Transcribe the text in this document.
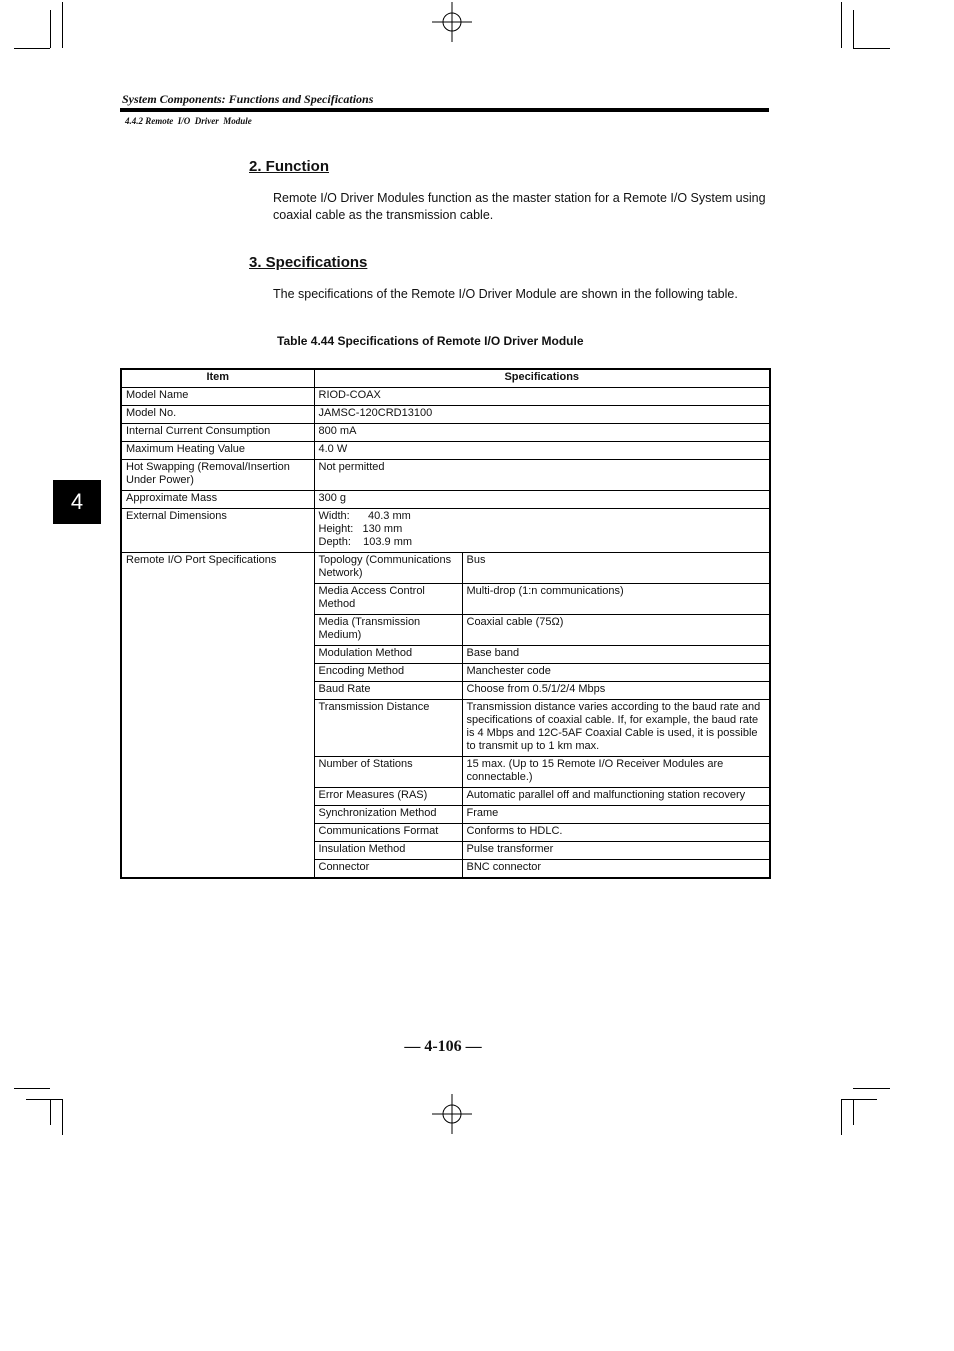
System Components: Functions and Specifications
4.4.2 Remote I/O Driver Module
4
2. Function
Remote I/O Driver Modules function as the master station for a Remote I/O System using
coaxial cable as the transmission cable.
3. Specifications
The specifications of the Remote I/O Driver Module are shown in the following table.
Table 4.44 Specifications of Remote I/O Driver Module
Item	Specifications	
Model Name	RIOD-COAX	
Model No.	JAMSC-120CRD13100	
Internal Current Consumption	800 mA	
Maximum Heating Value	4.0 W	
Hot Swapping (Removal/Insertion Under Power)	Not permitted	
Approximate Mass	300 g	
External Dimensions	Width:      40.3 mm
Height:   130 mm
Depth:    103.9 mm	

Remote I/O Port Specifications	Topology (Communications Network)	Bus
	Media Access Control Method	Multi-drop (1:n communications)
	Media (Transmission Medium)	Coaxial cable (75Ω)
	Modulation Method	Base band
	Encoding Method	Manchester code
	Baud Rate	Choose from 0.5/1/2/4 Mbps
	Transmission Distance	Transmission distance varies according to the baud rate and specifications of coaxial cable. If, for example, the baud rate is 4 Mbps and 12C-5AF Coaxial Cable is used, it is possible to transmit up to 1 km max.
	Number of Stations	15 max. (Up to 15 Remote I/O Receiver Modules are connectable.)
	Error Measures (RAS)	Automatic parallel off and malfunctioning station recovery
	Synchronization Method	Frame
	Communications Format	Conforms to HDLC.
	Insulation Method	Pulse transformer
	Connector	BNC connector
— 4-106 —
